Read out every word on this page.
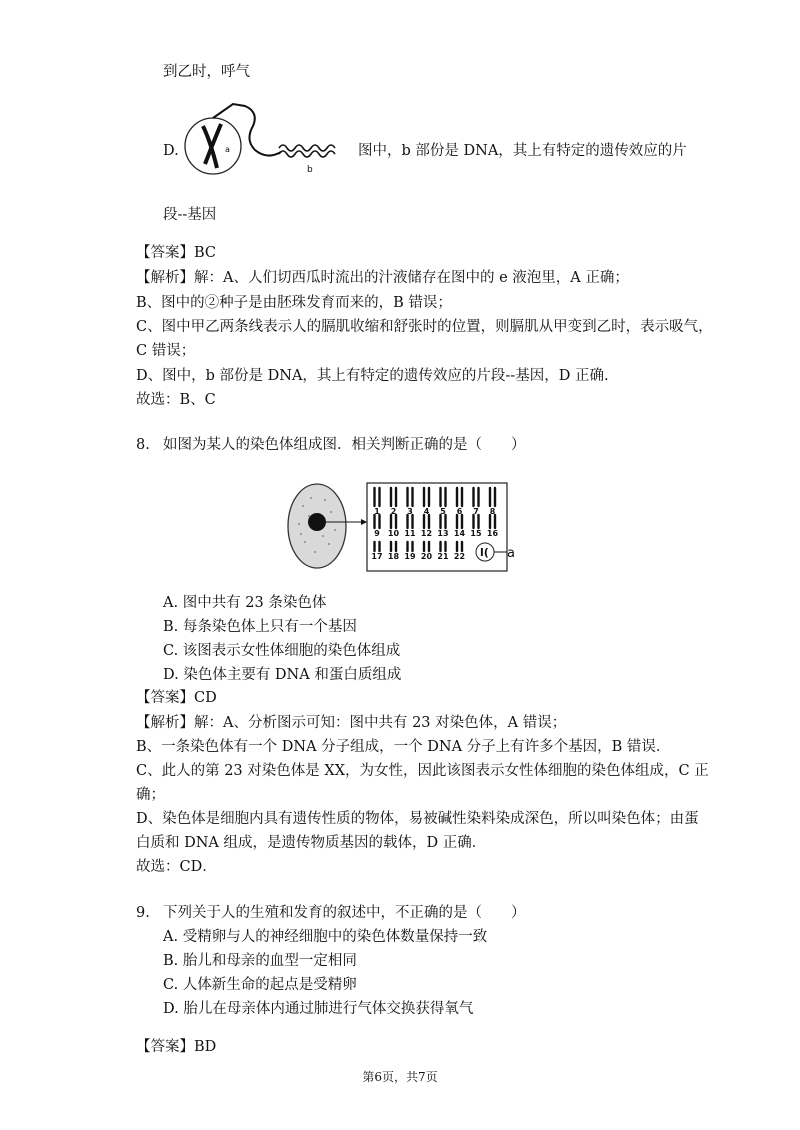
到乙时，呼气
D.	a
b
图中，b 部份是 DNA，其上有特定的遗传效应的片
段--基因
【答案】BC
【解析】解：A、人们切西瓜时流出的汁液储存在图中的 e 液泡里，A 正确；
B、图中的②种子是由胚珠发育而来的，B 错误；
C、图中甲乙两条线表示人的膈肌收缩和舒张时的位置，则膈肌从甲变到乙时，表示吸气，
C 错误；
D、图中，b 部份是 DNA，其上有特定的遗传效应的片段--基因，D 正确.
故选：B、C
8. 如图为某人的染色体组成图．相关判断正确的是（　　）
1 2 3 4 5 6 7 8
9 10 11 12 13 14 15 16
17 18 19 20 21 22 l( a
A. 图中共有 23 条染色体
B. 每条染色体上只有一个基因
C. 该图表示女性体细胞的染色体组成
D. 染色体主要有 DNA 和蛋白质组成
【答案】CD
【解析】解：A、分析图示可知：图中共有 23 对染色体，A 错误；
B、一条染色体有一个 DNA 分子组成，一个 DNA 分子上有许多个基因，B 错误．
C、此人的第 23 对染色体是 XX，为女性，因此该图表示女性体细胞的染色体组成，C 正
确；
D、染色体是细胞内具有遗传性质的物体，易被碱性染料染成深色，所以叫染色体；由蛋
白质和 DNA 组成，是遗传物质基因的载体，D 正确．
故选：CD．
9. 下列关于人的生殖和发育的叙述中，不正确的是（　　）
A. 受精卵与人的神经细胞中的染色体数量保持一致
B. 胎儿和母亲的血型一定相同
C. 人体新生命的起点是受精卵
D. 胎儿在母亲体内通过肺进行气体交换获得氧气
【答案】BD
第6页，共7页
